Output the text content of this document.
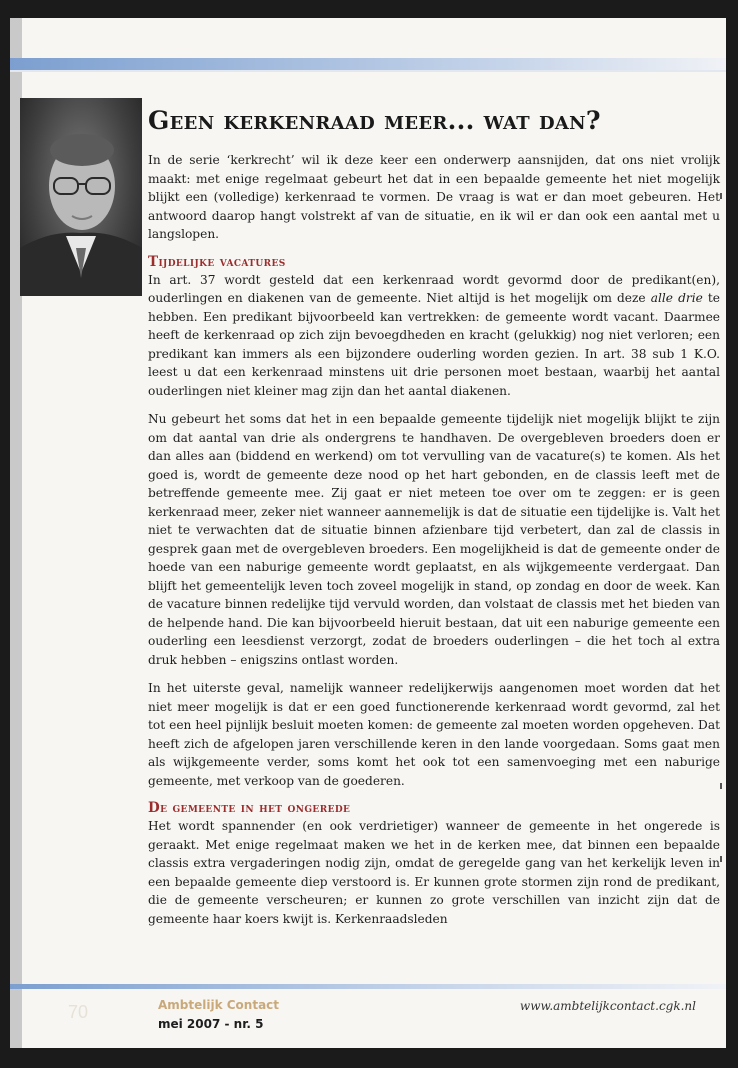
Geen kerkenraad meer... wat dan?

In de serie ‘kerkrecht’ wil ik deze keer een onderwerp aansnijden, dat ons niet vrolijk maakt: met enige regelmaat gebeurt het dat in een bepaalde gemeente het niet mogelijk blijkt een (volledige) kerkenraad te vormen. De vraag is wat er dan moet gebeuren. Het antwoord daarop hangt volstrekt af van de situatie, en ik wil er dan ook een aantal met u langslopen.

Tijdelijke vacatures

In art. 37 wordt gesteld dat een kerkenraad wordt gevormd door de predikant(en), ouderlingen en diakenen van de gemeente. Niet altijd is het mogelijk om deze alle drie te hebben. Een predikant bijvoorbeeld kan vertrekken: de gemeente wordt vacant. Daarmee heeft de kerkenraad op zich zijn bevoegdheden en kracht (gelukkig) nog niet verloren; een predikant kan immers als een bijzondere ouderling worden gezien. In art. 38 sub 1 K.O. leest u dat een kerkenraad minstens uit drie personen moet bestaan, waarbij het aantal ouderlingen niet kleiner mag zijn dan het aantal diakenen.

Nu gebeurt het soms dat het in een bepaalde gemeente tijdelijk niet mogelijk blijkt te zijn om dat aantal van drie als ondergrens te handhaven. De overgebleven broeders doen er dan alles aan (biddend en werkend) om tot vervulling van de vacature(s) te komen. Als het goed is, wordt de gemeente deze nood op het hart gebonden, en de classis leeft met de betreffende gemeente mee. Zij gaat er niet meteen toe over om te zeggen: er is geen kerkenraad meer, zeker niet wanneer aannemelijk is dat de situatie een tijdelijke is. Valt het niet te verwachten dat de situatie binnen afzienbare tijd verbetert, dan zal de classis in gesprek gaan met de overgebleven broeders. Een mogelijkheid is dat de gemeente onder de hoede van een naburige gemeente wordt geplaatst, en als wijkgemeente verdergaat. Dan blijft het gemeentelijk leven toch zoveel mogelijk in stand, op zondag en door de week. Kan de vacature binnen redelijke tijd vervuld worden, dan volstaat de classis met het bieden van de helpende hand. Die kan bijvoorbeeld hieruit bestaan, dat uit een naburige gemeente een ouderling een leesdienst verzorgt, zodat de broeders ouderlingen – die het toch al extra druk hebben – enigszins ontlast worden.

In het uiterste geval, namelijk wanneer redelijkerwijs aangenomen moet worden dat het niet meer mogelijk is dat er een goed functionerende kerkenraad wordt gevormd, zal het tot een heel pijnlijk besluit moeten komen: de gemeente zal moeten worden opgeheven. Dat heeft zich de afgelopen jaren verschillende keren in den lande voorgedaan. Soms gaat men als wijkgemeente verder, soms komt het ook tot een samenvoeging met een naburige gemeente, met verkoop van de goederen.

De gemeente in het ongerede

Het wordt spannender (en ook verdrietiger) wanneer de gemeente in het ongerede is geraakt. Met enige regelmaat maken we het in de kerken mee, dat binnen een bepaalde classis extra vergaderingen nodig zijn, omdat de geregelde gang van het kerkelijk leven in een bepaalde gemeente diep verstoord is. Er kunnen grote stormen zijn rond de predikant, die de gemeente verscheuren; er kunnen zo grote verschillen van inzicht zijn dat de gemeente haar koers kwijt is. Kerkenraadsleden

70	Ambtelijk Contact
mei 2007 - nr. 5
www.ambtelijkcontact.cgk.nl
